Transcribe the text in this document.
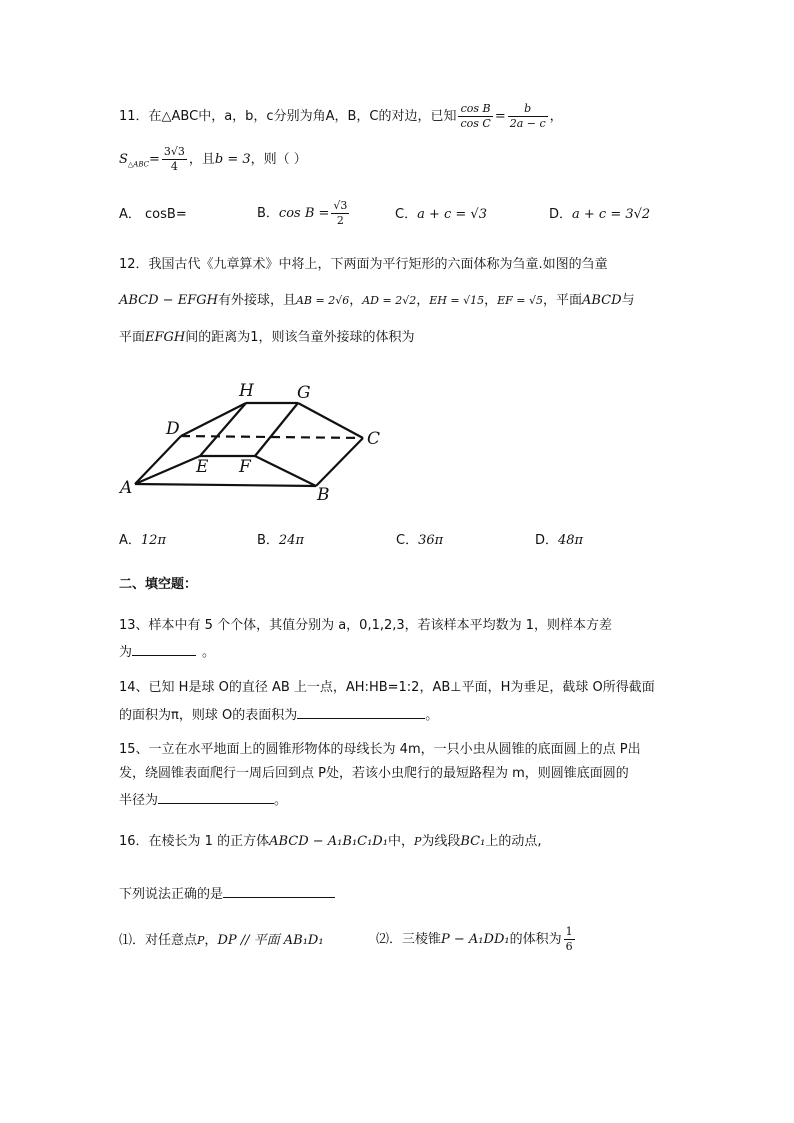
11．在△ABC中，a，b，c分别为角A，B，C的对边，已知 $\frac{\text{cos B}}{\text{cos C}} = \frac{b}{2a - c}$ ，
$S_{\triangle ABC}= \frac{3√3}{4}$ ，且b = 3，则（ ）
A． cosB=	B．$\cos B = \frac{√3}{2}$	C．a + c = √3	D．a + c = 3√2
12．我国古代《九章算术》中将上，下两面为平行矩形的六面体称为刍童.如图的刍童
ABCD − EFGH有外接球，且AB = 2√6，AD = 2√2，EH = √15，EF = √5，平面ABCD与
平面EFGH间的距离为1，则该刍童外接球的体积为
A	B
C
D
E F
G
H
A．12π	B．24π	C．36π	D．48π
二、填空题：
13、样本中有 5 个个体，其值分别为 a，0,1,2,3，若该样本平均数为 1，则样本方差
为	。
14、已知 H是球 O的直径 AB 上一点，AH:HB=1:2，AB⊥平面，H为垂足，截球 O所得截面
的面积为π，则球 O的表面积为	。
15、一立在水平地面上的圆锥形物体的母线长为 4m，一只小虫从圆锥的底面圆上的点 P出
发，绕圆锥表面爬行一周后回到点 P处，若该小虫爬行的最短路程为 m，则圆锥底面圆的
半径为	。
16．在棱长为 1 的正方体ABCD − A₁B₁C₁D₁中，P为线段BC₁上的动点,
下列说法正确的是
⑴．对任意点P，DP // 平面 AB₁D₁	⑵．三棱锥P − A₁DD₁的体积为 $\frac{1}{6}$
